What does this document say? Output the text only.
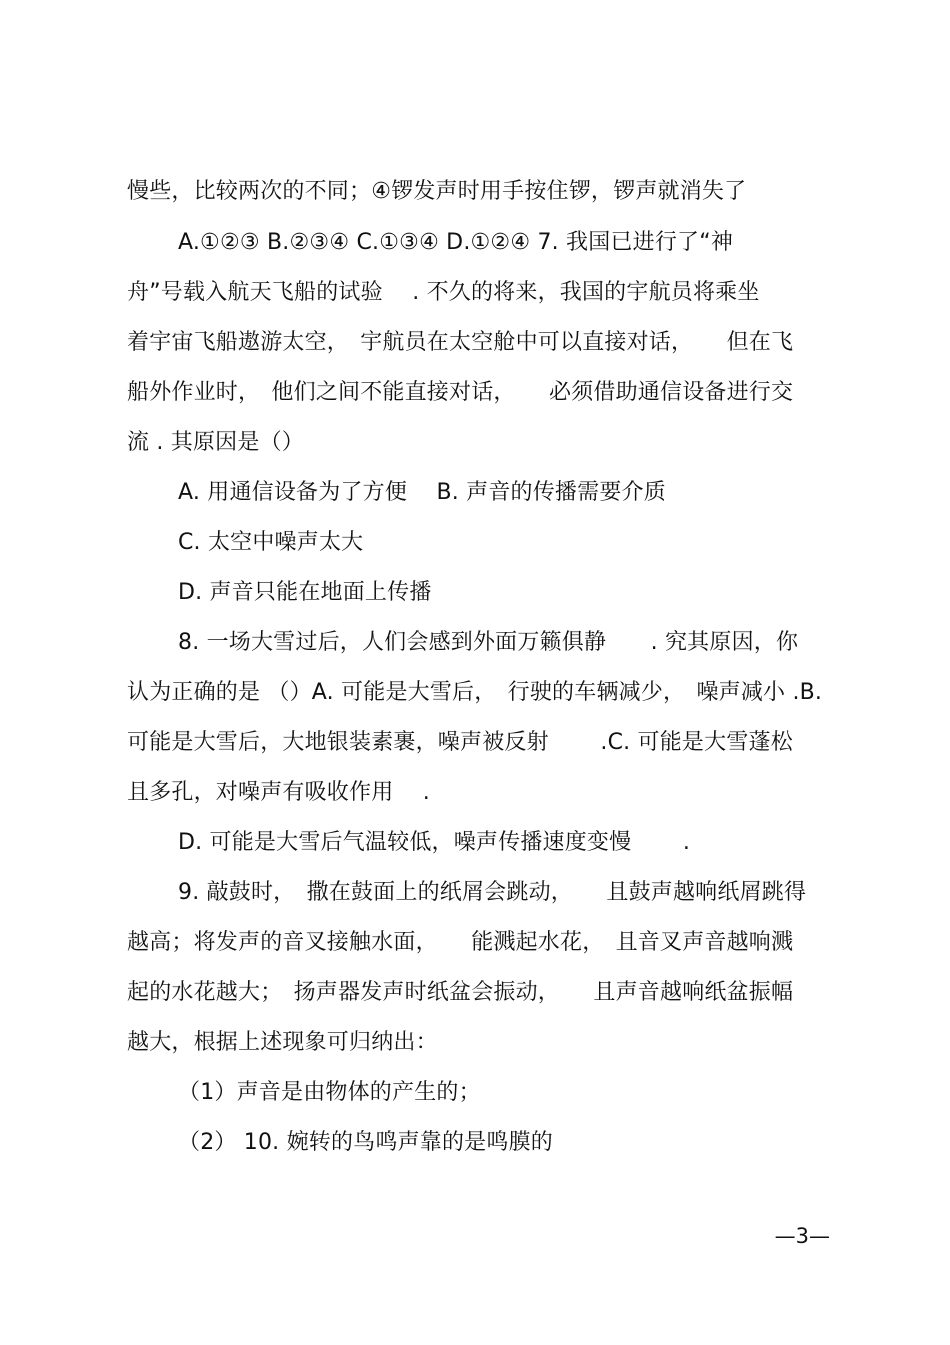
慢些，比较两次的不同；④锣发声时用手按住锣，锣声就消失了
A.①②③ B.②③④ C.①③④ D.①②④ 7. 我国已进行了“神
舟”号载入航天飞船的试验 　. 不久的将来，我国的宇航员将乘坐
着宇宙飞船遨游太空，　宇航员在太空舱中可以直接对话，　　但在飞
船外作业时，　他们之间不能直接对话，　　必须借助通信设备进行交
流 . 其原因是（）
A. 用通信设备为了方便　 B. 声音的传播需要介质
C. 太空中噪声太大
D. 声音只能在地面上传播
8. 一场大雪过后，人们会感到外面万籁俱静　　. 究其原因，你
认为正确的是 （）A. 可能是大雪后，　行驶的车辆减少，　噪声减小 .B.
可能是大雪后，大地银装素裹，噪声被反射　　 .C. 可能是大雪蓬松
且多孔，对噪声有吸收作用　 .
D. 可能是大雪后气温较低，噪声传播速度变慢　　 .
9. 敲鼓时，　撒在鼓面上的纸屑会跳动，　　且鼓声越响纸屑跳得
越高；将发声的音叉接触水面，　　能溅起水花，　且音叉声音越响溅
起的水花越大；　扬声器发声时纸盆会振动，　　且声音越响纸盆振幅
越大，根据上述现象可归纳出：
（1）声音是由物体的产生的；
（2） 10. 婉转的鸟鸣声靠的是鸣膜的
—3—
